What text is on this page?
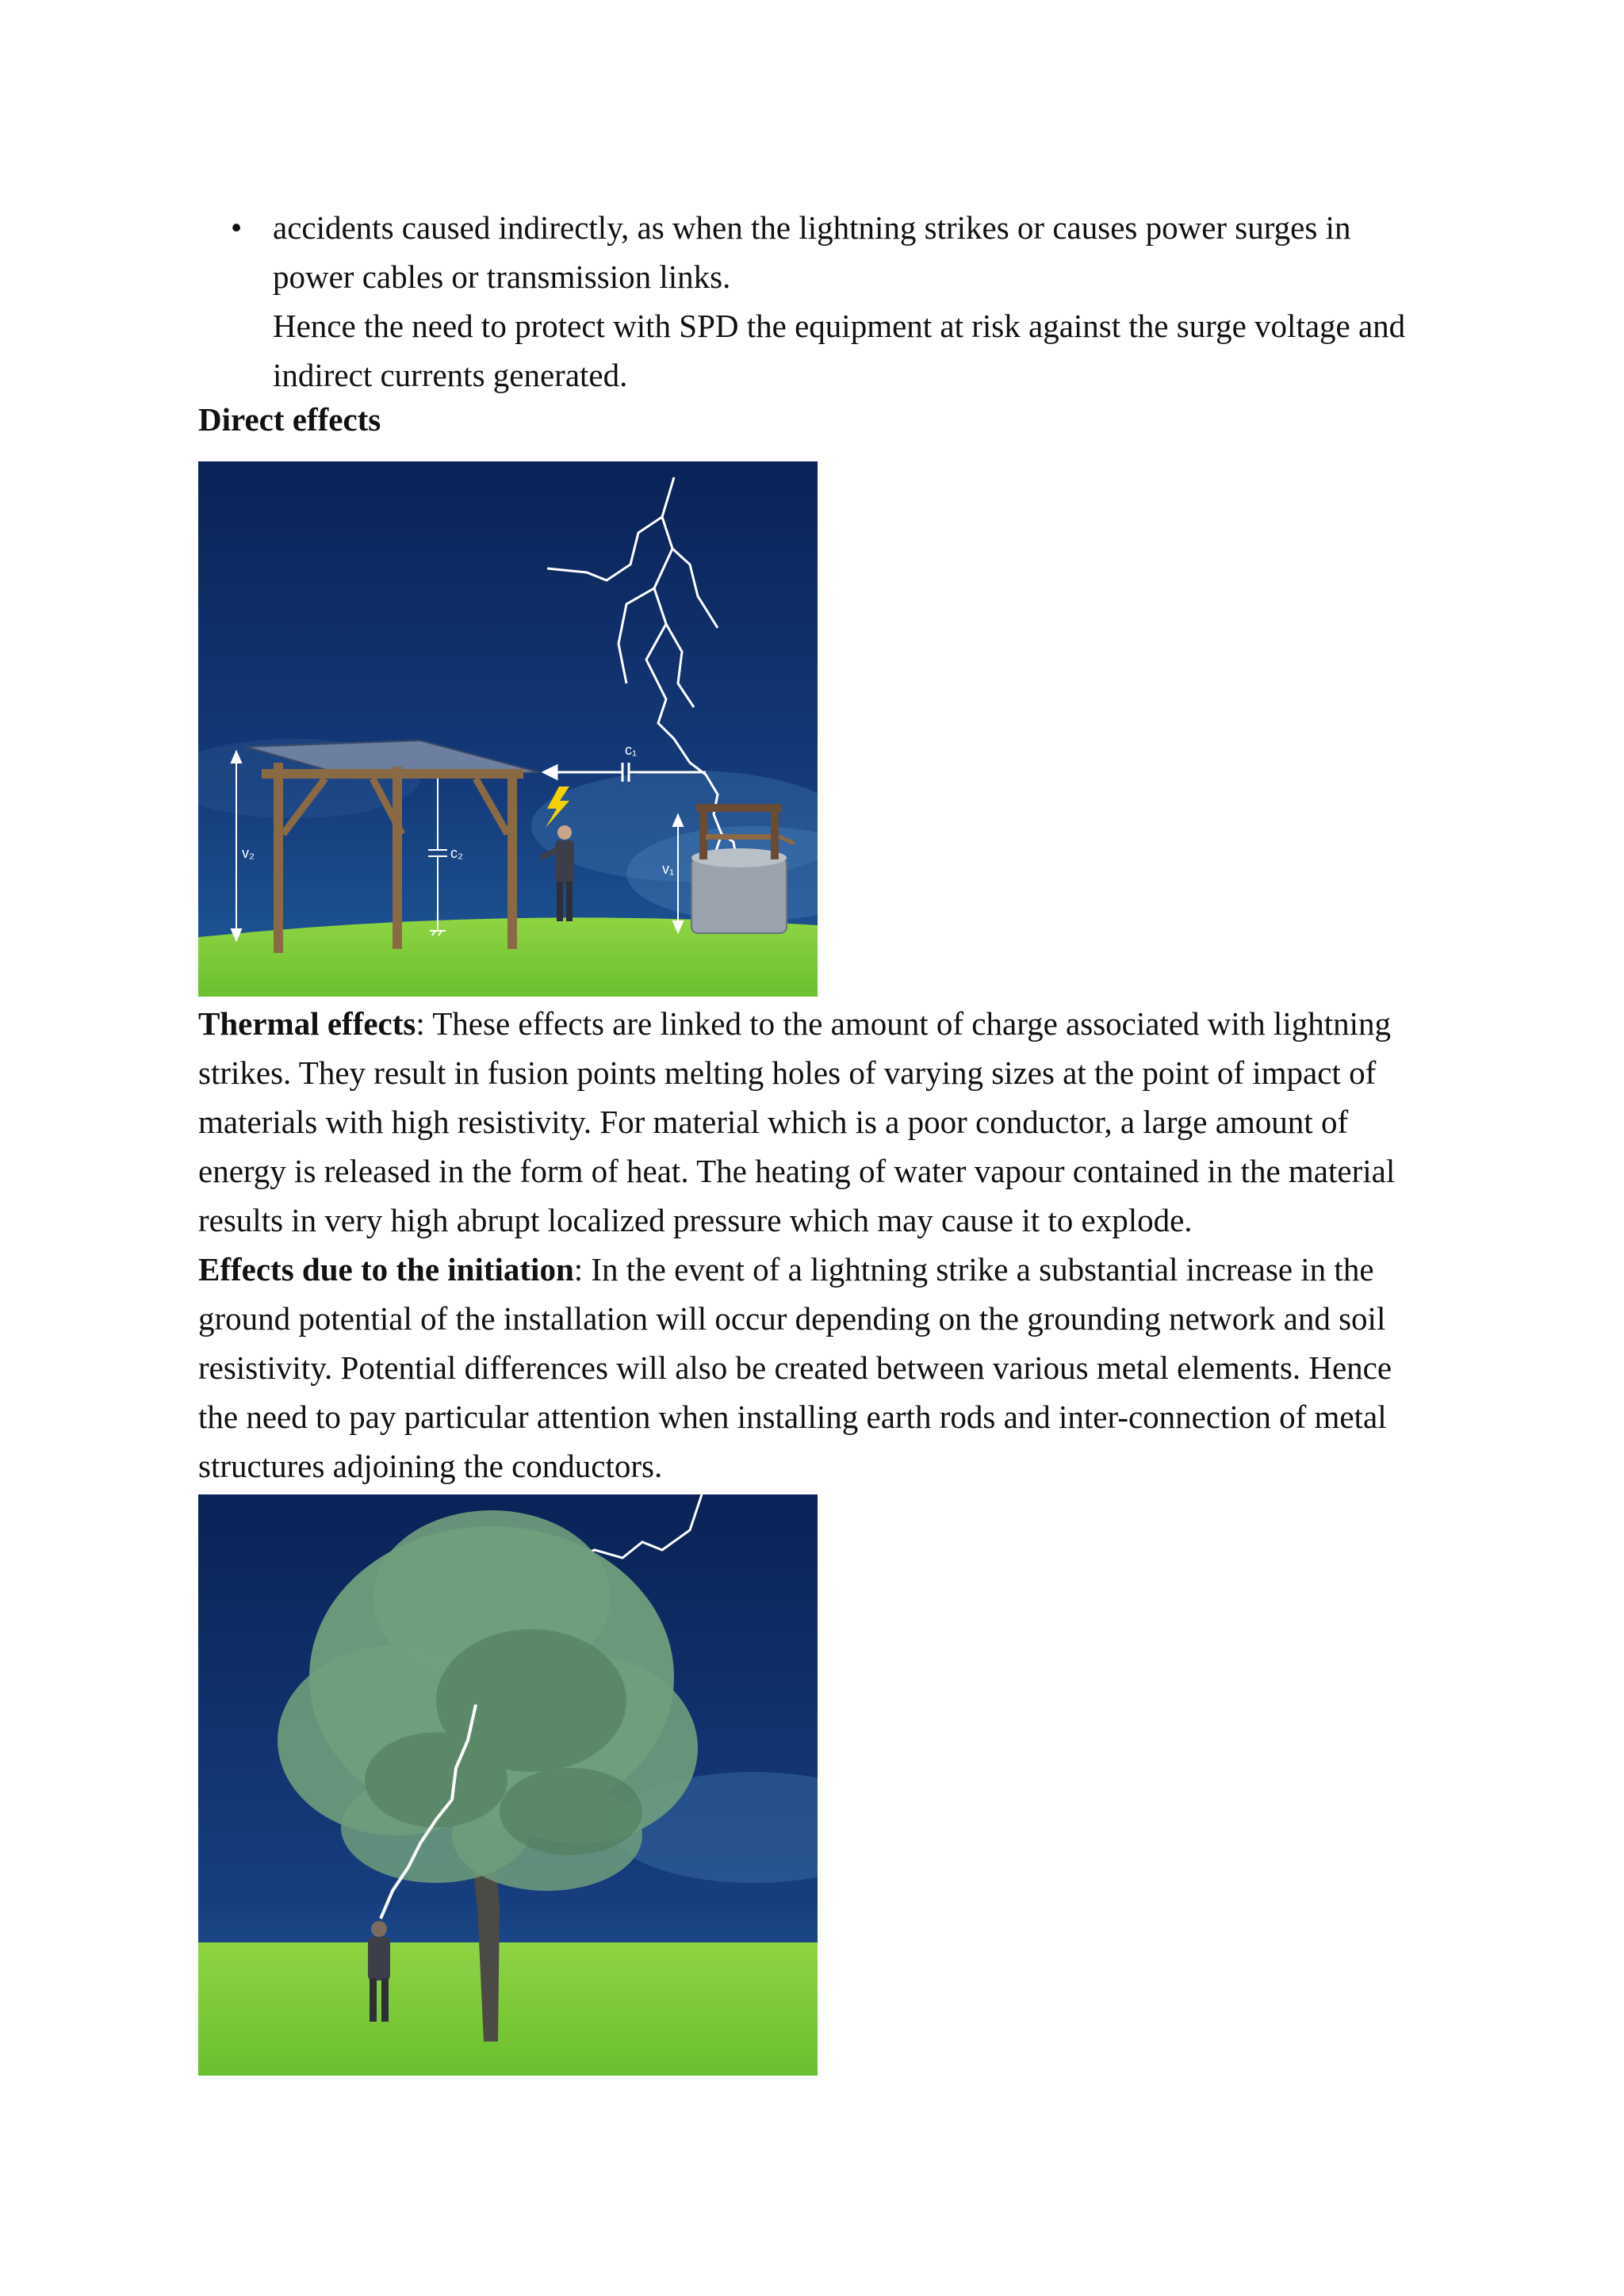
• accidents caused indirectly, as when the lightning strikes or causes power surges in
power cables or transmission links.
Hence the need to protect with SPD the equipment at risk against the surge voltage and
indirect currents generated.
Direct effects
v₂	c₂
c₁
v₁
Thermal effects: These effects are linked to the amount of charge associated with lightning
strikes. They result in fusion points melting holes of varying sizes at the point of impact of
materials with high resistivity. For material which is a poor conductor, a large amount of
energy is released in the form of heat. The heating of water vapour contained in the material
results in very high abrupt localized pressure which may cause it to explode.
Effects due to the initiation: In the event of a lightning strike a substantial increase in the
ground potential of the installation will occur depending on the grounding network and soil
resistivity. Potential differences will also be created between various metal elements. Hence
the need to pay particular attention when installing earth rods and inter-connection of metal
structures adjoining the conductors.
